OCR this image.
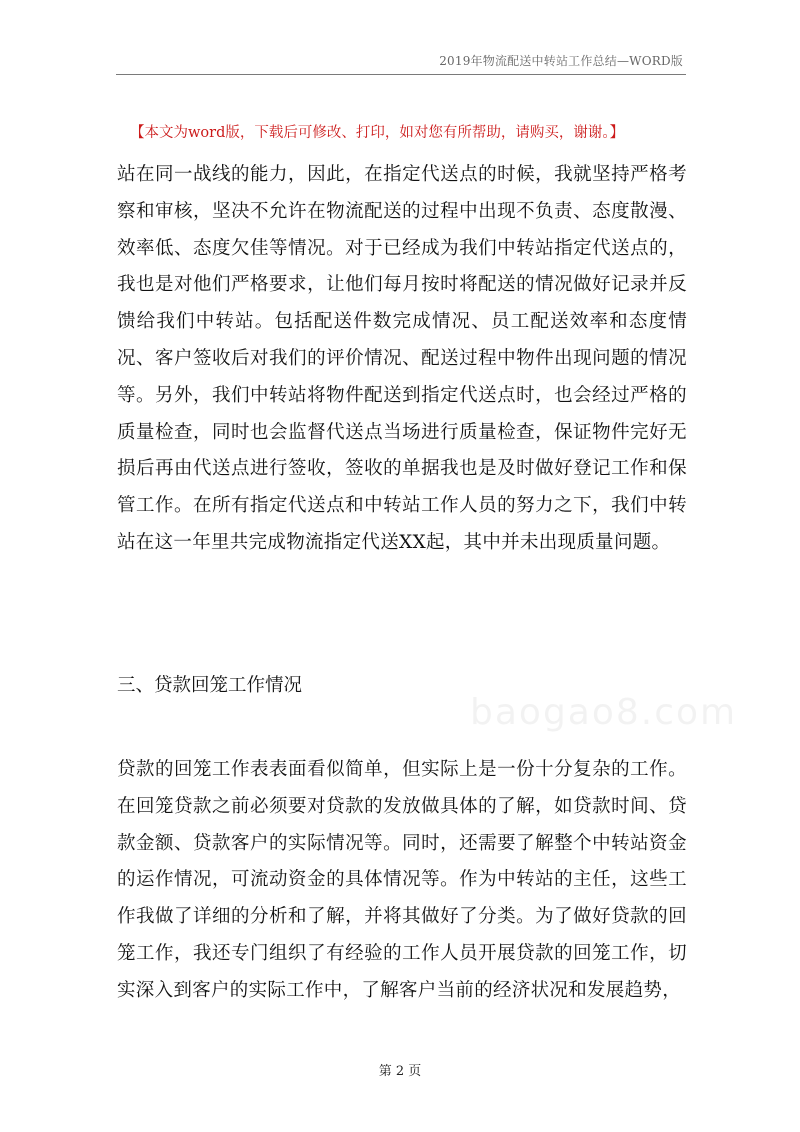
2019年物流配送中转站工作总结—WORD版
【本文为word版，下载后可修改、打印，如对您有所帮助，请购买，谢谢。】

站在同一战线的能力，因此，在指定代送点的时候，我就坚持严格考察和审核，坚决不允许在物流配送的过程中出现不负责、态度散漫、效率低、态度欠佳等情况。对于已经成为我们中转站指定代送点的，我也是对他们严格要求，让他们每月按时将配送的情况做好记录并反馈给我们中转站。包括配送件数完成情况、员工配送效率和态度情况、客户签收后对我们的评价情况、配送过程中物件出现问题的情况等。另外，我们中转站将物件配送到指定代送点时，也会经过严格的质量检查，同时也会监督代送点当场进行质量检查，保证物件完好无损后再由代送点进行签收，签收的单据我也是及时做好登记工作和保管工作。在所有指定代送点和中转站工作人员的努力之下，我们中转站在这一年里共完成物流指定代送XX起，其中并未出现质量问题。

三、贷款回笼工作情况
baogao8.com

贷款的回笼工作表表面看似简单，但实际上是一份十分复杂的工作。在回笼贷款之前必须要对贷款的发放做具体的了解，如贷款时间、贷款金额、贷款客户的实际情况等。同时，还需要了解整个中转站资金的运作情况，可流动资金的具体情况等。作为中转站的主任，这些工作我做了详细的分析和了解，并将其做好了分类。为了做好贷款的回笼工作，我还专门组织了有经验的工作人员开展贷款的回笼工作，切实深入到客户的实际工作中，了解客户当前的经济状况和发展趋势，

第 2 页
